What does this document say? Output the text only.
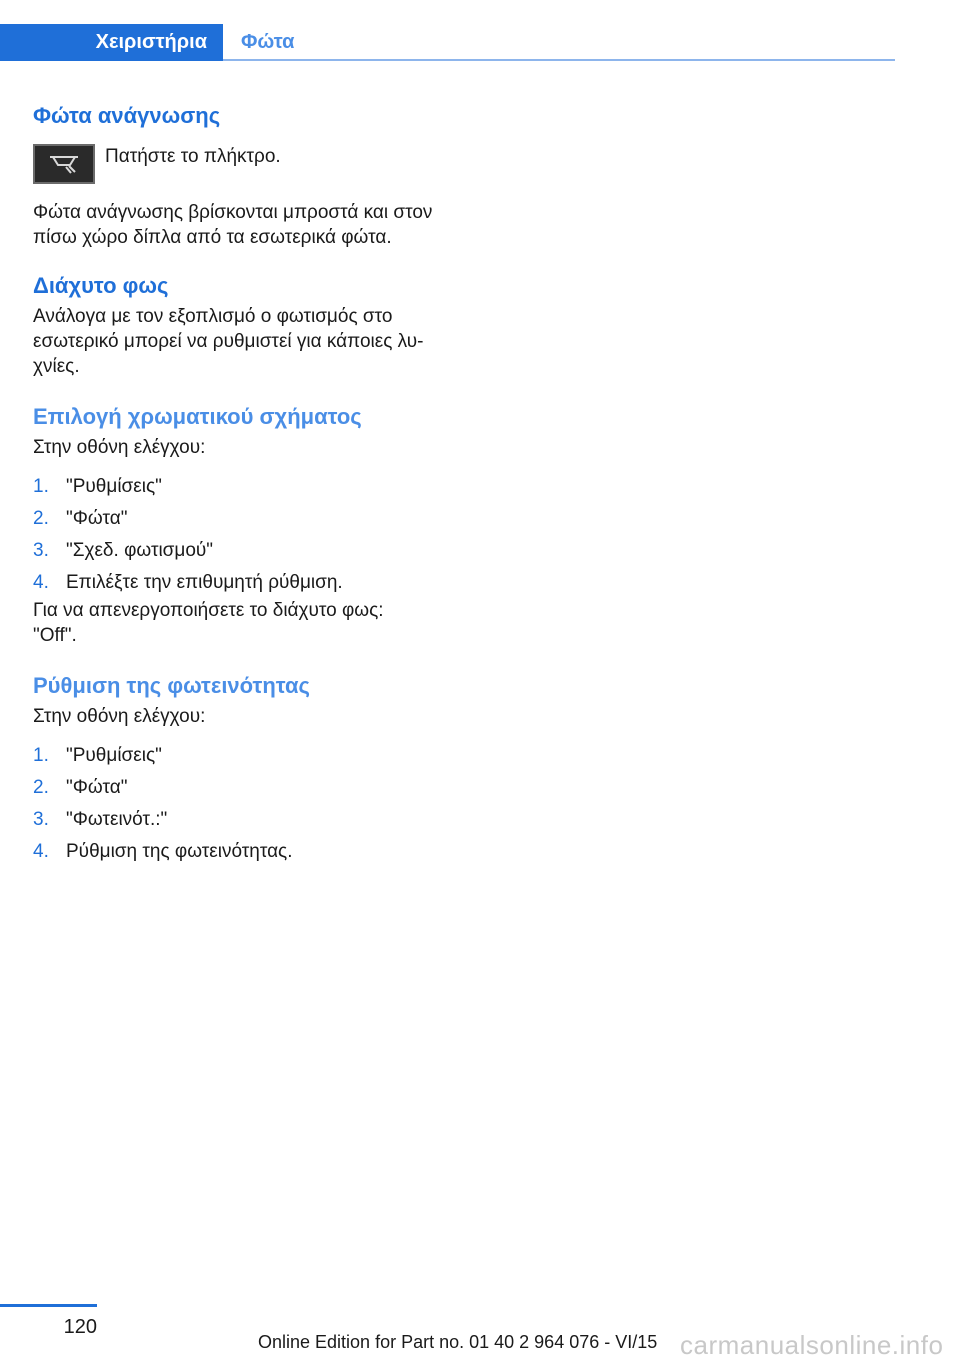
Χειριστήρια Φώτα
Φώτα ανάγνωσης
Πατήστε το πλήκτρο.

Φώτα ανάγνωσης βρίσκονται μπροστά και στον πίσω χώρο δίπλα από τα εσωτερικά φώτα.

Διάχυτο φως

Ανάλογα με τον εξοπλισμό ο φωτισμός στο εσωτερικό μπορεί να ρυθμιστεί για κάποιες λυ-χνίες.

Επιλογή χρωματικού σχήματος

Στην οθόνη ελέγχου:

1. "Ρυθμίσεις"
2. "Φώτα"
3. "Σχεδ. φωτισμού"
4. Επιλέξτε την επιθυμητή ρύθμιση.

Για να απενεργοποιήσετε το διάχυτο φως:

"Off".

Ρύθμιση της φωτεινότητας

Στην οθόνη ελέγχου:

1. "Ρυθμίσεις"
2. "Φώτα"
3. "Φωτεινότ.:"
4. Ρύθμιση της φωτεινότητας.
120
Online Edition for Part no. 01 40 2 964 076 - VI/15 carmanualsonline.info
